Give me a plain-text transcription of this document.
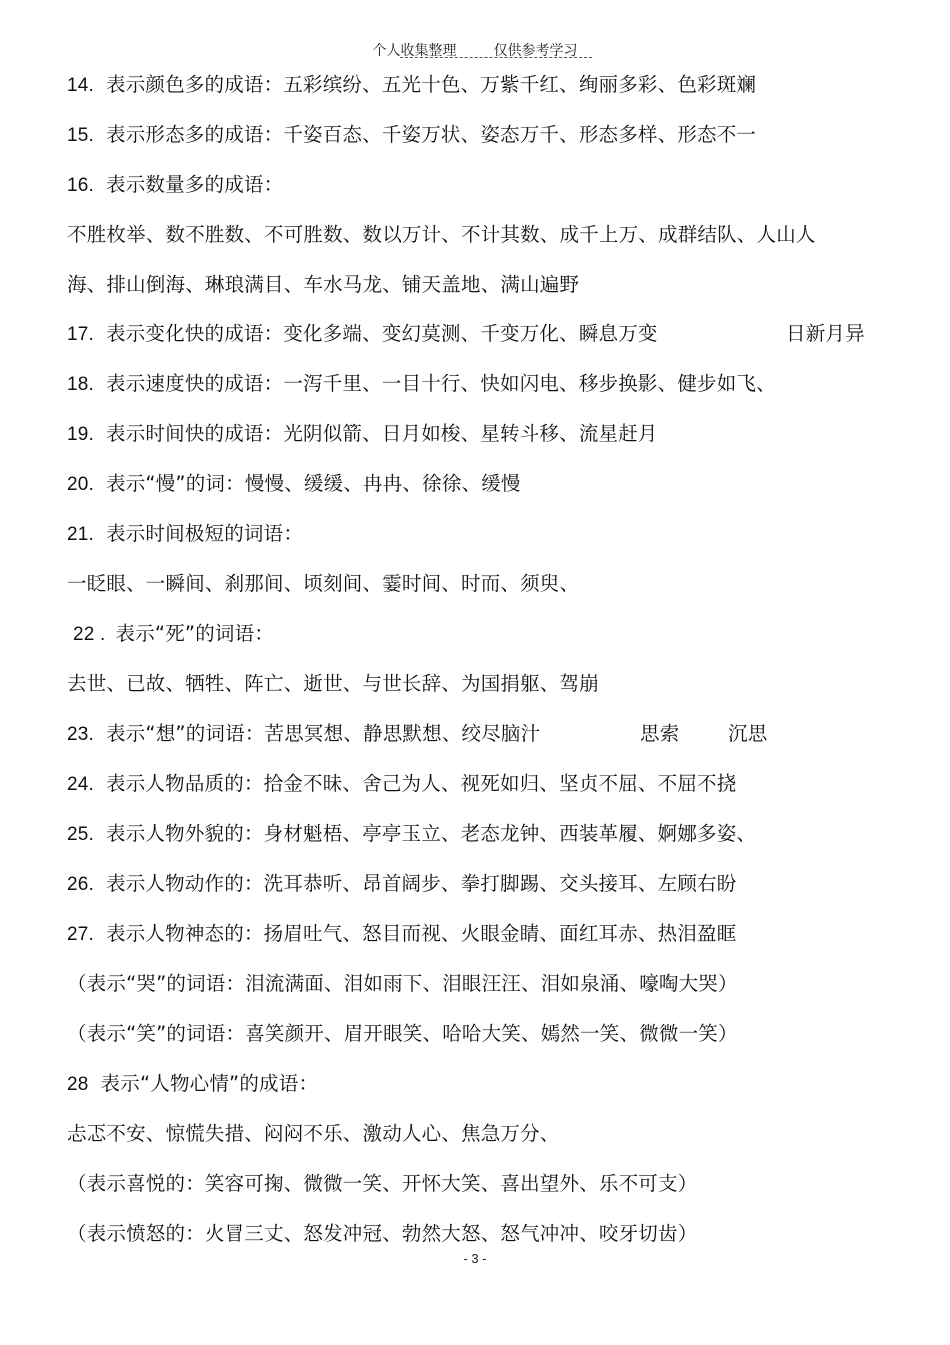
个人收集整理	仅供参考学习
14. 表示颜色多的成语：五彩缤纷、五光十色、万紫千红、绚丽多彩、色彩斑斓
15. 表示形态多的成语：千姿百态、千姿万状、姿态万千、形态多样、形态不一
16. 表示数量多的成语：
不胜枚举、数不胜数、不可胜数、数以万计、不计其数、成千上万、成群结队、人山人
海、排山倒海、琳琅满目、车水马龙、铺天盖地、满山遍野
17. 表示变化快的成语：变化多端、变幻莫测、千变万化、瞬息万变	日新月异
18. 表示速度快的成语：一泻千里、一目十行、快如闪电、移步换影、健步如飞、
19. 表示时间快的成语：光阴似箭、日月如梭、星转斗移、流星赶月
20. 表示“慢”的词：慢慢、缓缓、冉冉、徐徐、缓慢
21. 表示时间极短的词语：
一眨眼、一瞬间、刹那间、顷刻间、霎时间、时而、须臾、
22 . 表示“死”的词语：
去世、已故、牺牲、阵亡、逝世、与世长辞、为国捐躯、驾崩
23. 表示“想”的词语：苦思冥想、静思默想、绞尽脑汁	思索 沉思
24. 表示人物品质的：拾金不昧、舍己为人、视死如归、坚贞不屈、不屈不挠
25. 表示人物外貌的：身材魁梧、亭亭玉立、老态龙钟、西装革履、婀娜多姿、
26. 表示人物动作的：洗耳恭听、昂首阔步、拳打脚踢、交头接耳、左顾右盼
27. 表示人物神态的：扬眉吐气、怒目而视、火眼金睛、面红耳赤、热泪盈眶
（表示“哭”的词语：泪流满面、泪如雨下、泪眼汪汪、泪如泉涌、嚎啕大哭）
（表示“笑”的词语：喜笑颜开、眉开眼笑、哈哈大笑、嫣然一笑、微微一笑）
28 表示“人物心情”的成语：
忐忑不安、惊慌失措、闷闷不乐、激动人心、焦急万分、
（表示喜悦的：笑容可掬、微微一笑、开怀大笑、喜出望外、乐不可支）
（表示愤怒的：火冒三丈、怒发冲冠、勃然大怒、怒气冲冲、咬牙切齿）
- 3 -
